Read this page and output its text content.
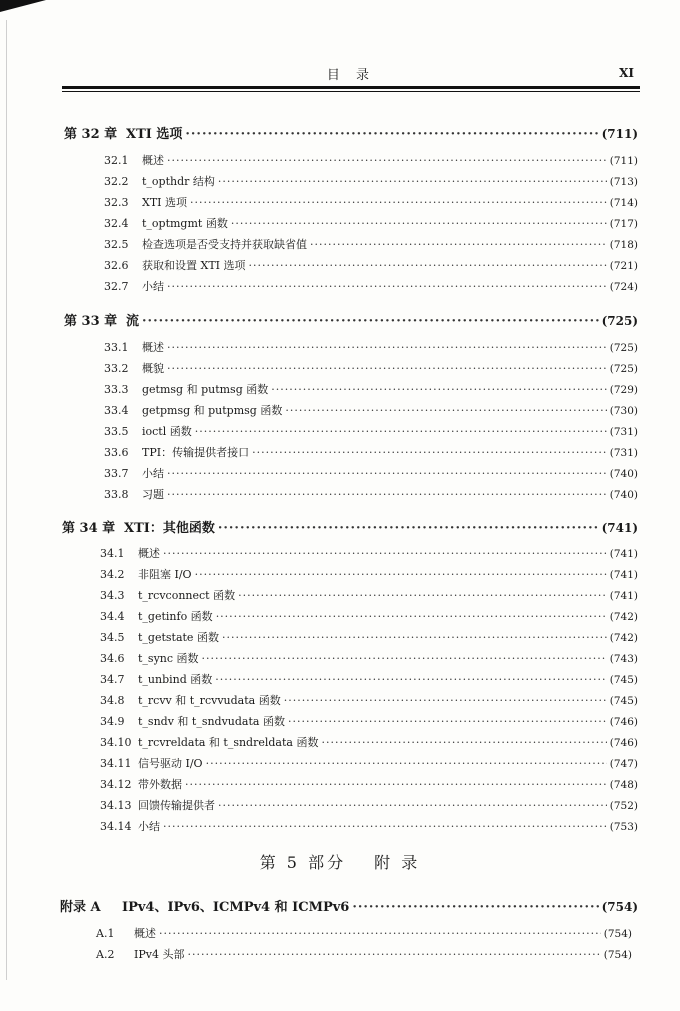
目 录	XI
第 32 章 XTI 选项 ·····	(711)
32.1	概述 ·····	(711)
32.2	t_opthdr 结构 ·····	(713)
32.3	XTI 选项 ·····	(714)
32.4	t_optmgmt 函数 ·····	(717)
32.5	检查选项是否受支持并获取缺省值 ·····	(718)
32.6	获取和设置 XTI 选项 ·····	(721)
32.7	小结 ·····	(724)
第 33 章 流 ·····	(725)
33.1	概述 ·····	(725)
33.2	概貌 ·····	(725)
33.3	getmsg 和 putmsg 函数 ·····	(729)
33.4	getpmsg 和 putpmsg 函数 ·····	(730)
33.5	ioctl 函数 ·····	(731)
33.6	TPI：传输提供者接口 ·····	(731)
33.7	小结 ·····	(740)
33.8	习题 ·····	(740)
第 34 章 XTI：其他函数 ·····	(741)
34.1	概述 ·····	(741)
34.2	非阻塞 I/O ·····	(741)
34.3	t_rcvconnect 函数 ·····	(741)
34.4	t_getinfo 函数 ·····	(742)
34.5	t_getstate 函数 ·····	(742)
34.6	t_sync 函数 ·····	(743)
34.7	t_unbind 函数 ·····	(745)
34.8	t_rcvv 和 t_rcvvudata 函数 ·····	(745)
34.9	t_sndv 和 t_sndvudata 函数 ·····	(746)
34.10 t_rcvreldata 和 t_sndreldata 函数 ·····	(746)
34.11 信号驱动 I/O ·····	(747)
34.12 带外数据 ·····	(748)
34.13 回馈传输提供者 ·····	(752)
34.14 小结 ·····	(753)
第 5 部分 附 录
附录 A	IPv4、IPv6、ICMPv4 和 ICMPv6 ·····	(754)
A.1	概述 ·····	(754)
A.2	IPv4 头部 ·····	(754)
